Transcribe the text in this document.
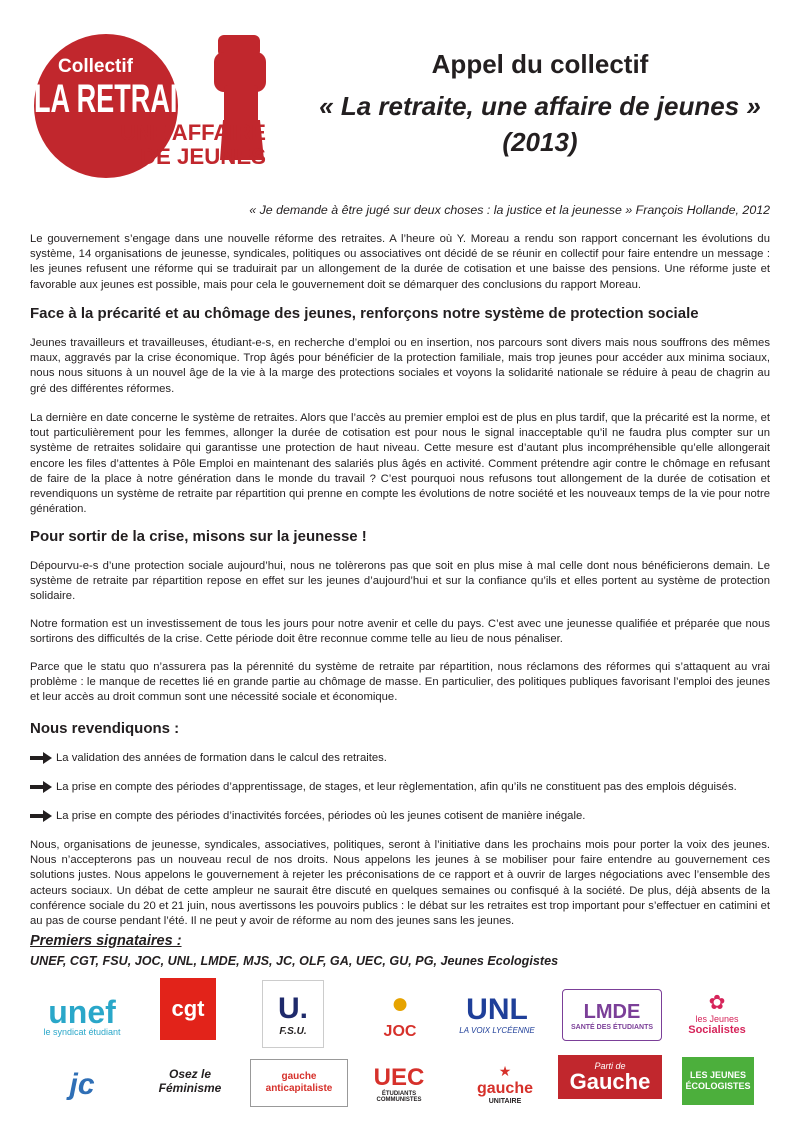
Collectif
LA RETRAITE
UNE AFFAIRE
DE JEUNES

Appel du collectif

« La retraite, une affaire de jeunes »

(2013)

« Je demande à être jugé sur deux choses : la justice et la jeunesse » François Hollande, 2012

Le gouvernement s’engage dans une nouvelle réforme des retraites. A l’heure où Y. Moreau a rendu son rapport concernant les évolutions du système, 14 organisations de jeunesse, syndicales, politiques ou associatives ont décidé de se réunir en collectif pour faire entendre un message : les jeunes refusent une réforme qui se traduirait par un allongement de la durée de cotisation et une baisse des pensions. Une réforme juste et favorable aux jeunes est possible, mais pour cela le gouvernement doit se démarquer des conclusions du rapport Moreau.

Face à la précarité et au chômage des jeunes, renforçons notre système de protection sociale

Jeunes travailleurs et travailleuses, étudiant-e-s, en recherche d’emploi ou en insertion, nos parcours sont divers mais nous souffrons des mêmes maux, aggravés par la crise économique. Trop âgés pour bénéficier de la protection familiale, mais trop jeunes pour accéder aux minima sociaux, nous nous situons à un nouvel âge de la vie à la marge des protections sociales et voyons la solidarité nationale se réduire à peau de chagrin au gré des différentes réformes.

La dernière en date concerne le système de retraites. Alors que l’accès au premier emploi est de plus en plus tardif, que la précarité est la norme, et tout particulièrement pour les femmes, allonger la durée de cotisation est pour nous le signal inacceptable qu’il ne faudra plus compter sur un système de retraites solidaire qui garantisse une protection de haut niveau. Cette mesure est d’autant plus incompréhensible qu’elle allongerait encore les files d’attentes à Pôle Emploi en maintenant des salariés plus âgés en activité. Comment prétendre agir contre le chômage en refusant de faire de la place à notre génération dans le monde du travail ? C’est pourquoi nous refusons tout allongement de la durée de cotisation et revendiquons un système de retraite par répartition qui prenne en compte les évolutions de notre société et les nouveaux temps de la vie pour notre génération.

Pour sortir de la crise, misons sur la jeunesse !

Dépourvu-e-s d’une protection sociale aujourd’hui, nous ne tolèrerons pas que soit en plus mise à mal celle dont nous bénéficierons demain. Le système de retraite par répartition repose en effet sur les jeunes d’aujourd’hui et sur la confiance qu’ils et elles portent au système de protection solidaire.

Notre formation est un investissement de tous les jours pour notre avenir et celle du pays. C’est avec une jeunesse qualifiée et préparée que nous sortirons des difficultés de la crise. Cette période doit être reconnue comme telle au lieu de nous pénaliser.

Parce que le statu quo n’assurera pas la pérennité du système de retraite par répartition, nous réclamons des réformes qui s’attaquent au vrai problème : le manque de recettes lié en grande partie au chômage de masse. En particulier, des politiques publiques favorisant l’emploi des jeunes et leur accès au droit commun sont une nécessité sociale et économique.

Nous revendiquons :
La validation des années de formation dans le calcul des retraites.
La prise en compte des périodes d’apprentissage, de stages, et leur règlementation, afin qu’ils ne constituent pas des emplois déguisés.
La prise en compte des périodes d’inactivités forcées, périodes où les jeunes cotisent de manière inégale.

Nous, organisations de jeunesse, syndicales, associatives, politiques, seront à l’initiative dans les prochains mois pour porter la voix des jeunes. Nous n’accepterons pas un nouveau recul de nos droits. Nous appelons les jeunes à se mobiliser pour faire entendre au gouvernement ces solutions justes. Nous appelons le gouvernement à rejeter les préconisations de ce rapport et à ouvrir de larges négociations avec l’ensemble des acteurs sociaux. Un débat de cette ampleur ne saurait être discuté en quelques semaines ou confisqué à la société. De plus, déjà absents de la conférence sociale du 20 et 21 juin, nous avertissons les pouvoirs publics : le débat sur les retraites est trop important pour s’effectuer en catimini et au pas de course pendant l’été. Il ne peut y avoir de réforme au nom des jeunes sans les jeunes.

Premiers signataires :

UNEF, CGT, FSU, JOC, UNL, LMDE, MJS, JC, OLF, GA, UEC, GU, PG, Jeunes Ecologistes

unef
le syndicat étudiant
cgt U.
F.S.U.
●
JOC
UNL
LA VOIX LYCÉENNE
LMDE
SANTÉ DES ÉTUDIANTS
✿
les Jeunes
Socialistes
jc	Osez le Féminisme
gauche anticapitaliste	UEC
ÉTUDIANTS COMMUNISTES
★
gauche
UNITAIRE
Parti de
Gauche	LES JEUNES ÉCOLOGISTES
